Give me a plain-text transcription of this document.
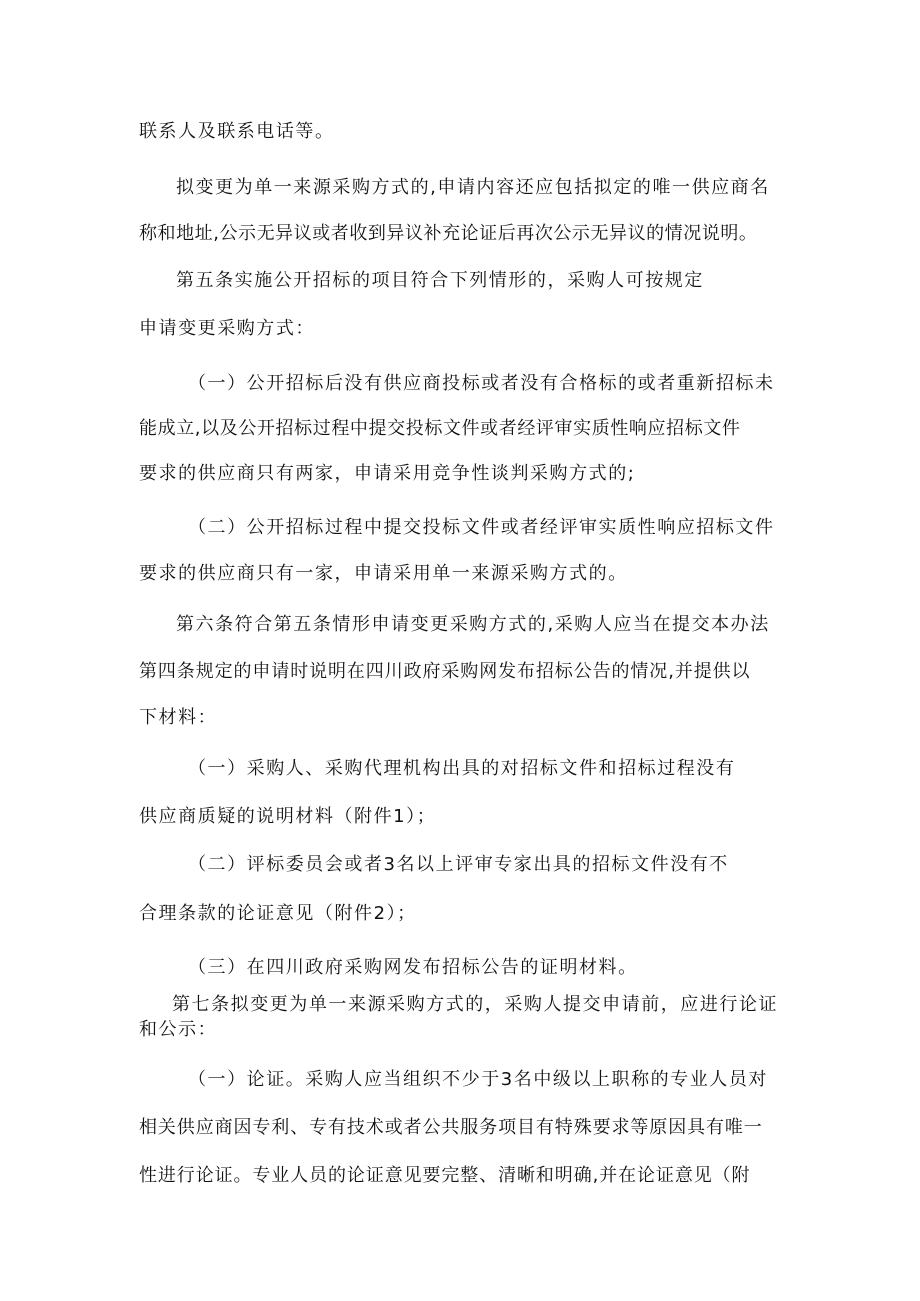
联系人及联系电话等。
拟变更为单一来源采购方式的,申请内容还应包括拟定的唯一供应商名
称和地址,公示无异议或者收到异议补充论证后再次公示无异议的情况说明。
第五条实施公开招标的项目符合下列情形的，采购人可按规定
申请变更采购方式：
（一）公开招标后没有供应商投标或者没有合格标的或者重新招标未
能成立,以及公开招标过程中提交投标文件或者经评审实质性响应招标文件
要求的供应商只有两家，申请采用竞争性谈判采购方式的;
（二）公开招标过程中提交投标文件或者经评审实质性响应招标文件
要求的供应商只有一家，申请采用单一来源采购方式的。
第六条符合第五条情形申请变更采购方式的,采购人应当在提交本办法
第四条规定的申请时说明在四川政府采购网发布招标公告的情况,并提供以
下材料：
（一）采购人、采购代理机构出具的对招标文件和招标过程没有
供应商质疑的说明材料（附件1）；
（二）评标委员会或者3名以上评审专家出具的招标文件没有不
合理条款的论证意见（附件2）；
（三）在四川政府采购网发布招标公告的证明材料。
第七条拟变更为单一来源采购方式的，采购人提交申请前，应进行论证
和公示：
（一）论证。采购人应当组织不少于3名中级以上职称的专业人员对
相关供应商因专利、专有技术或者公共服务项目有特殊要求等原因具有唯一
性进行论证。专业人员的论证意见要完整、清晰和明确,并在论证意见（附
